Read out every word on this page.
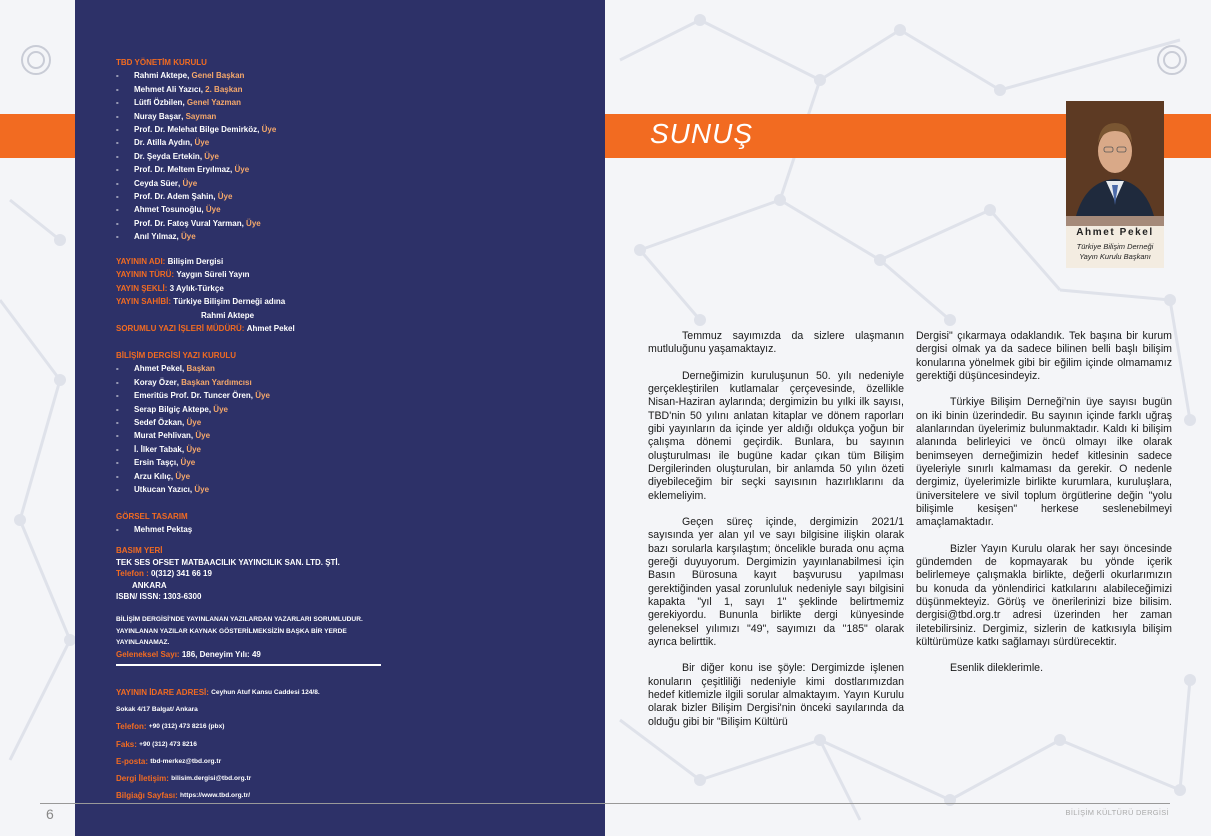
SUNUŞ
TBD YÖNETİM KURULU
-	Rahmi Aktepe , Genel Başkan
-	Mehmet Ali Yazıcı , 2. Başkan
-	Lütfi Özbilen , Genel Yazman
-	Nuray Başar , Sayman
-	Prof. Dr. Melehat Bilge Demirköz , Üye
-	Dr. Atilla Aydın , Üye
-	Dr. Şeyda Ertekin , Üye
-	Prof. Dr. Meltem Eryılmaz , Üye
-	Ceyda Süer , Üye
-	Prof. Dr. Adem Şahin , Üye
-	Ahmet Tosunoğlu , Üye
-	Prof. Dr. Fatoş Vural Yarman , Üye
-	Anıl Yılmaz , Üye
YAYININ ADI:
Bilişim Dergisi
YAYININ TÜRÜ:
Yaygın Süreli Yayın
YAYIN ŞEKLİ:
3 Aylık-Türkçe
YAYIN SAHİBİ:
Türkiye Bilişim Derneği adına
Rahmi Aktepe
SORUMLU YAZI İŞLERİ MÜDÜRÜ:
Ahmet Pekel
BİLİŞİM DERGİSİ YAZI KURULU
-	Ahmet Pekel , Başkan
-	Koray Özer , Başkan Yardımcısı
-	Emeritüs Prof. Dr. Tuncer Ören , Üye
-	Serap Bilgiç Aktepe , Üye
-	Sedef Özkan , Üye
-	Murat Pehlivan , Üye
-	İ. İlker Tabak , Üye
-	Ersin Taşçı , Üye
-	Arzu Kılıç , Üye
-	Utkucan Yazıcı , Üye
GÖRSEL TASARIM
-	Mehmet Pektaş
BASIM YERİ
TEK SES OFSET MATBAACILIK YAYINCILIK SAN. LTD. ŞTİ.
Telefon :
0(312) 341 66 19
ANKARA
ISBN/ ISSN:
1303-6300
BİLİŞİM DERGİSİ'NDE YAYINLANAN YAZILARDAN YAZARLARI SORUMLUDUR.
YAYINLANAN YAZILAR KAYNAK GÖSTERİLMEKSİZİN BAŞKA BİR YERDE
YAYINLANAMAZ.
Geleneksel Sayı:
186, Deneyim Yılı: 49
YAYININ İDARE ADRESİ:
Ceyhun Atuf Kansu Caddesi 124/8.
Sokak 4/17 Balgat/ Ankara
Telefon:
+90 (312) 473 8216 (pbx)
Faks:
+90 (312) 473 8216
E-posta:
tbd-merkez@tbd.org.tr
Dergi İletişim:
bilisim.dergisi@tbd.org.tr
Bilgiağı Sayfası:
https://www.tbd.org.tr/
Ahmet Pekel
Türkiye Bilişim Derneği
Yayın Kurulu Başkanı

Temmuz sayımızda da sizlere ulaşmanın mutluluğunu yaşamaktayız.

Derneğimizin kuruluşunun 50. yılı nedeniyle gerçekleştirilen kutlamalar çerçevesinde, özellikle Nisan-Haziran aylarında; dergimizin bu yılki ilk sayısı, TBD'nin 50 yılını anlatan kitaplar ve dönem raporları gibi yayınların da içinde yer aldığı oldukça yoğun bir çalışma dönemi geçirdik. Bunlara, bu sayının oluşturulması ile bugüne kadar çıkan tüm Bilişim Dergilerinden oluşturulan, bir anlamda 50 yılın özeti diyebileceğim bir seçki sayısının hazırlıklarını da eklemeliyim.

Geçen süreç içinde, dergimizin 2021/1 sayısında yer alan yıl ve sayı bilgisine ilişkin olarak bazı sorularla karşılaştım; öncelikle burada onu açma gereği duyuyorum. Dergimizin yayınlanabilmesi için Basın Bürosuna kayıt başvurusu yapılması gerektiğinden yasal zorunluluk nedeniyle sayı bilgisini kapakta "yıl 1, sayı 1" şeklinde belirtmemiz gerekiyordu. Bununla birlikte dergi künyesinde geleneksel yılımızı "49", sayımızı da "185" olarak ayrıca belirttik.

Bir diğer konu ise şöyle: Dergimizde işlenen konuların çeşitliliği nedeniyle kimi dostlarımızdan hedef kitlemizle ilgili sorular almaktayım. Yayın Kurulu olarak bizler Bilişim Dergisi'nin önceki sayılarında da olduğu gibi bir "Bilişim Kültürü

Dergisi" çıkarmaya odaklandık. Tek başına bir kurum dergisi olmak ya da sadece bilinen belli başlı bilişim konularına yönelmek gibi bir eğilim içinde olmamamız gerektiği düşüncesindeyiz.

Türkiye Bilişim Derneği'nin üye sayısı bugün on iki binin üzerindedir. Bu sayının içinde farklı uğraş alanlarından üyelerimiz bulunmaktadır. Kaldı ki bilişim alanında belirleyici ve öncü olmayı ilke olarak benimseyen derneğimizin hedef kitlesinin sadece üyeleriyle sınırlı kalmaması da gerekir. O nedenle dergimiz, üyelerimizle birlikte kurumlara, kuruluşlara, üniversitelere ve sivil toplum örgütlerine değin "yolu bilişimle kesişen" herkese seslenebilmeyi amaçlamaktadır.

Bizler Yayın Kurulu olarak her sayı öncesinde gündemden de kopmayarak bu yönde içerik belirlemeye çalışmakla birlikte, değerli okurlarımızın bu konuda da yönlendirici katkılarını alabileceğimizi düşünmekteyiz. Görüş ve önerilerinizi bize bilisim. dergisi@tbd.org.tr adresi üzerinden her zaman iletebilirsiniz. Dergimiz, sizlerin de katkısıyla bilişim kültürümüze katkı sağlamayı sürdürecektir.

Esenlik dileklerimle.

6	BİLİŞİM KÜLTÜRÜ DERGİSİ
